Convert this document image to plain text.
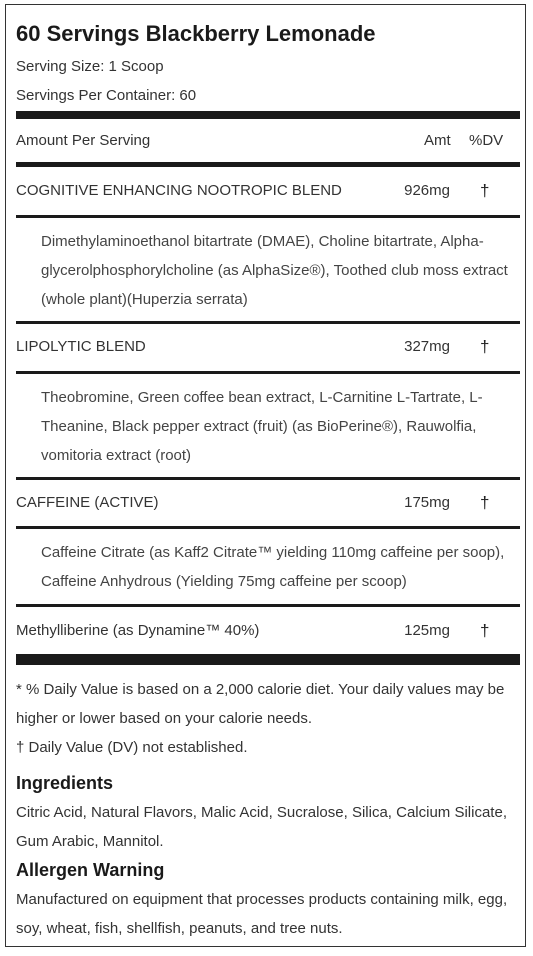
60 Servings Blackberry Lemonade
Serving Size: 1 Scoop
Servings Per Container: 60
Amount Per Serving	Amt %DV
COGNITIVE ENHANCING NOOTROPIC BLEND	926mg †
Dimethylaminoethanol bitartrate (DMAE), Choline bitartrate, Alpha-glycerolphosphorylcholine (as AlphaSize®), Toothed club moss extract (whole plant)(Huperzia serrata)
LIPOLYTIC BLEND	327mg †
Theobromine, Green coffee bean extract, L-Carnitine L-Tartrate, L-Theanine, Black pepper extract (fruit) (as BioPerine®), Rauwolfia, vomitoria extract (root)
CAFFEINE (ACTIVE)	175mg †
Caffeine Citrate (as Kaff2 Citrate™ yielding 110mg caffeine per soop), Caffeine Anhydrous (Yielding 75mg caffeine per scoop)
Methylliberine (as Dynamine™ 40%)	125mg †
* % Daily Value is based on a 2,000 calorie diet. Your daily values may be higher or lower based on your calorie needs.
† Daily Value (DV) not established.
Ingredients
Citric Acid, Natural Flavors, Malic Acid, Sucralose, Silica, Calcium Silicate, Gum Arabic, Mannitol.
Allergen Warning
Manufactured on equipment that processes products containing milk, egg, soy, wheat, fish, shellfish, peanuts, and tree nuts.
